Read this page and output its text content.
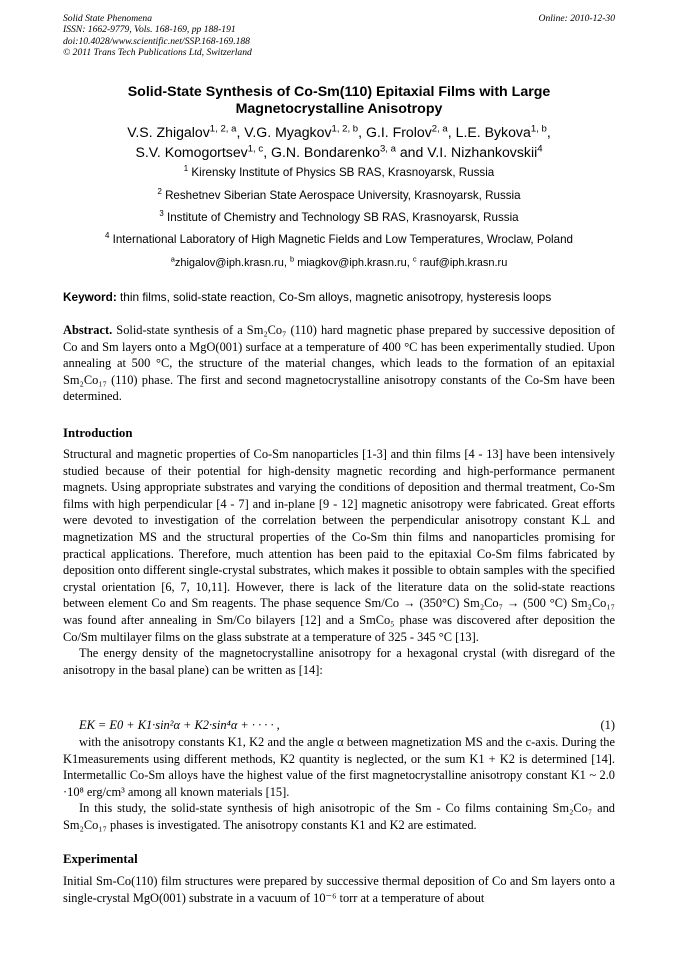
Solid State Phenomena
ISSN: 1662-9779, Vols. 168-169, pp 188-191
doi:10.4028/www.scientific.net/SSP.168-169.188
© 2011 Trans Tech Publications Ltd, Switzerland
Online: 2010-12-30
Solid-State Synthesis of Co-Sm(110) Epitaxial Films with Large
Magnetocrystalline Anisotropy
V.S. Zhigalov$^{1, 2, a}$, V.G. Myagkov$^{1, 2, b}$, G.I. Frolov$^{2, a}$, L.E. Bykova$^{1, b}$,
S.V. Komogortsev$^{1, c}$, G.N. Bondarenko$^{3, a}$ and V.I. Nizhankovskii$^4$
$^1$ Kirensky Institute of Physics SB RAS, Krasnoyarsk, Russia
$^2$ Reshetnev Siberian State Aerospace University, Krasnoyarsk, Russia
$^3$ Institute of Chemistry and Technology SB RAS, Krasnoyarsk, Russia
$^4$ International Laboratory of High Magnetic Fields and Low Temperatures, Wroclaw, Poland
$^a$zhigalov@iph.krasn.ru, $^b$ miagkov@iph.krasn.ru, $^c$ rauf@iph.krasn.ru
Keyword: thin films, solid-state reaction, Co-Sm alloys, magnetic anisotropy, hysteresis loops
Abstract. Solid-state synthesis of a Sm₂Co₇ (110) hard magnetic phase prepared by successive deposition of Co and Sm layers onto a MgO(001) surface at a temperature of 400 °C has been experimentally studied. Upon annealing at 500 °C, the structure of the material changes, which leads to the formation of an epitaxial Sm₂Co₁₇ (110) phase. The first and second magnetocrystalline anisotropy constants of the Co-Sm have been determined.
Introduction

Structural and magnetic properties of Co-Sm nanoparticles [1-3] and thin films [4 - 13] have been intensively studied because of their potential for high-density magnetic recording and high-performance permanent magnets. Using appropriate substrates and varying the conditions of deposition and thermal treatment, Co-Sm films with high perpendicular [4 - 7] and in-plane [9 - 12] magnetic anisotropy were fabricated. Great efforts were devoted to investigation of the correlation between the perpendicular anisotropy constant K⊥ and magnetization MS and the structural properties of the Co-Sm thin films and nanoparticles promising for practical applications. Therefore, much attention has been paid to the epitaxial Co-Sm films fabricated by deposition onto different single-crystal substrates, which makes it possible to obtain samples with the specified crystal orientation [6, 7, 10,11]. However, there is lack of the literature data on the solid-state reactions between element Co and Sm reagents. The phase sequence Sm/Co → (350°C) Sm₂Co₇ → (500 °C) Sm₂Co₁₇ was found after annealing in Sm/Co bilayers [12] and a SmCo₅ phase was discovered after deposition the Co/Sm multilayer films on the glass substrate at a temperature of 325 - 345 °C [13].

The energy density of the magnetocrystalline anisotropy for a hexagonal crystal (with disregard of the anisotropy in the basal plane) can be written as [14]:

EK = E0 + K1·sin²α + K2·sin⁴α + · · · · ,	(1)

with the anisotropy constants K1, K2 and the angle α between magnetization MS and the c-axis. During the K1measurements using different methods, K2 quantity is neglected, or the sum K1 + K2 is determined [14]. Intermetallic Co-Sm alloys have the highest value of the first magnetocrystalline anisotropy constant K1 ~ 2.0 ·10⁸ erg/cm³ among all known materials [15].

In this study, the solid-state synthesis of high anisotropic of the Sm - Co films containing Sm₂Co₇ and Sm₂Co₁₇ phases is investigated. The anisotropy constants K1 and K2 are estimated.

Experimental

Initial Sm-Co(110) film structures were prepared by successive thermal deposition of Co and Sm layers onto a single-crystal MgO(001) substrate in a vacuum of 10⁻⁶ torr at a temperature of about
